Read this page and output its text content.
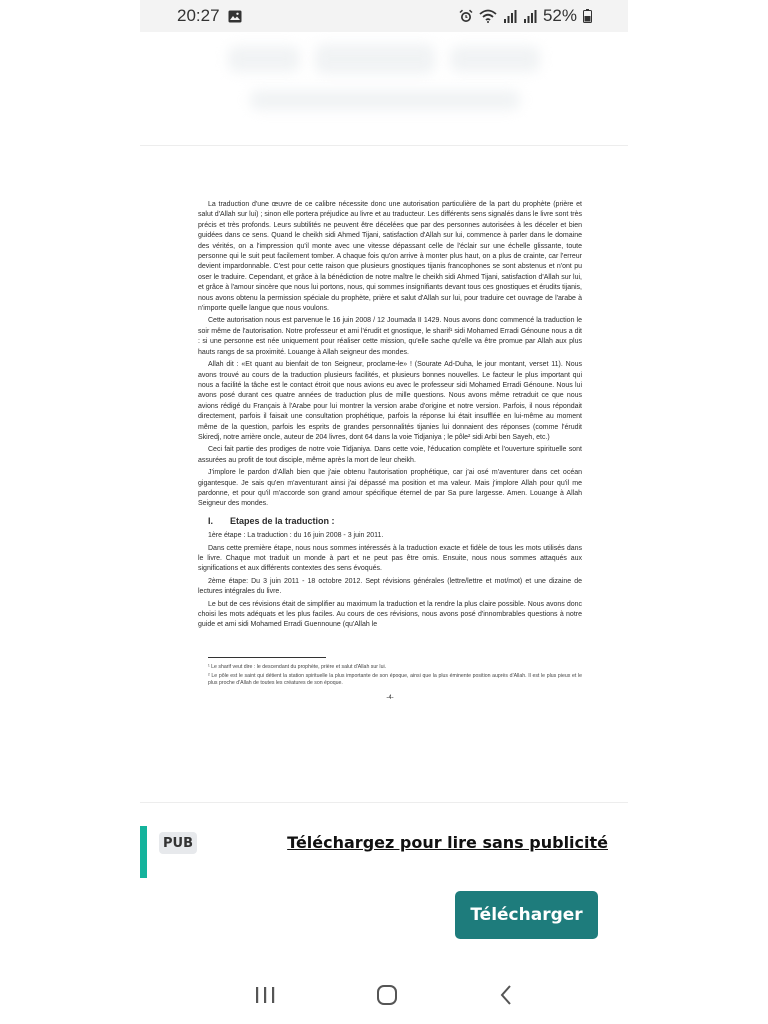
20:27	52%

La traduction d'une œuvre de ce calibre nécessite donc une autorisation particulière de la part du prophète (prière et salut d'Allah sur lui) ; sinon elle portera préjudice au livre et au traducteur. Les différents sens signalés dans le livre sont très précis et très profonds. Leurs subtilités ne peuvent être décelées que par des personnes autorisées à les déceler et bien guidées dans ce sens. Quand le cheikh sidi Ahmed Tijani, satisfaction d'Allah sur lui, commence à parler dans le domaine des vérités, on a l'impression qu'il monte avec une vitesse dépassant celle de l'éclair sur une échelle glissante, toute personne qui le suit peut facilement tomber. A chaque fois qu'on arrive à monter plus haut, on a plus de crainte, car l'erreur devient impardonnable. C'est pour cette raison que plusieurs gnostiques tijanis francophones se sont abstenus et n'ont pu oser le traduire. Cependant, et grâce à la bénédiction de notre maître le cheikh sidi Ahmed Tijani, satisfaction d'Allah sur lui, et grâce à l'amour sincère que nous lui portons, nous, qui sommes insignifiants devant tous ces gnostiques et érudits tijanis, nous avons obtenu la permission spéciale du prophète, prière et salut d'Allah sur lui, pour traduire cet ouvrage de l'arabe à n'importe quelle langue que nous voulons.

Cette autorisation nous est parvenue le 16 juin 2008 / 12 Joumada II 1429. Nous avons donc commencé la traduction le soir même de l'autorisation. Notre professeur et ami l'érudit et gnostique, le sharif¹ sidi Mohamed Erradi Génoune nous a dit : si une personne est née uniquement pour réaliser cette mission, qu'elle sache qu'elle va être promue par Allah aux plus hauts rangs de sa proximité. Louange à Allah seigneur des mondes.

Allah dit : «Et quant au bienfait de ton Seigneur, proclame-le» ! (Sourate Ad-Duha, le jour montant, verset 11). Nous avons trouvé au cours de la traduction plusieurs facilités, et plusieurs bonnes nouvelles. Le facteur le plus important qui nous a facilité la tâche est le contact étroit que nous avions eu avec le professeur sidi Mohamed Erradi Génoune. Nous lui avons posé durant ces quatre années de traduction plus de mille questions. Nous avons même retraduit ce que nous avions rédigé du Français à l'Arabe pour lui montrer la version arabe d'origine et notre version. Parfois, il nous répondait directement, parfois il faisait une consultation prophétique, parfois la réponse lui était insufflée en lui-même au moment même de la question, parfois les esprits de grandes personnalités tijanies lui donnaient des réponses (comme l'érudit Skiredj, notre arrière oncle, auteur de 204 livres, dont 64 dans la voie Tidjaniya ; le pôle² sidi Arbi ben Sayeh, etc.)

Ceci fait partie des prodiges de notre voie Tidjaniya. Dans cette voie, l'éducation complète et l'ouverture spirituelle sont assurées au profit de tout disciple, même après la mort de leur cheikh.

J'implore le pardon d'Allah bien que j'aie obtenu l'autorisation prophétique, car j'ai osé m'aventurer dans cet océan gigantesque. Je sais qu'en m'aventurant ainsi j'ai dépassé ma position et ma valeur. Mais j'implore Allah pour qu'il me pardonne, et pour qu'il m'accorde son grand amour spécifique éternel de par Sa pure largesse. Amen. Louange à Allah Seigneur des mondes.

I. Etapes de la traduction :

1ère étape : La traduction : du 16 juin 2008 - 3 juin 2011.

Dans cette première étape, nous nous sommes intéressés à la traduction exacte et fidèle de tous les mots utilisés dans le livre. Chaque mot traduit un monde à part et ne peut pas être omis. Ensuite, nous nous sommes attaqués aux significations et aux différents contextes des sens évoqués.

2ème étape: Du 3 juin 2011 - 18 octobre 2012. Sept révisions générales (lettre/lettre et mot/mot) et une dizaine de lectures intégrales du livre.

Le but de ces révisions était de simplifier au maximum la traduction et la rendre la plus claire possible. Nous avons donc choisi les mots adéquats et les plus faciles. Au cours de ces révisions, nous avons posé d'innombrables questions à notre guide et ami sidi Mohamed Erradi Guennoune (qu'Allah le

¹ Le sharif veut dire : le descendant du prophète, prière et salut d'Allah sur lui.

² Le pôle est le saint qui détient la station spirituelle la plus importante de son époque, ainsi que la plus éminente position auprès d'Allah. Il est le plus pieux et le plus proche d'Allah de toutes les créatures de son époque.

-4-

PUB	Téléchargez pour lire sans publicité
Télécharger
